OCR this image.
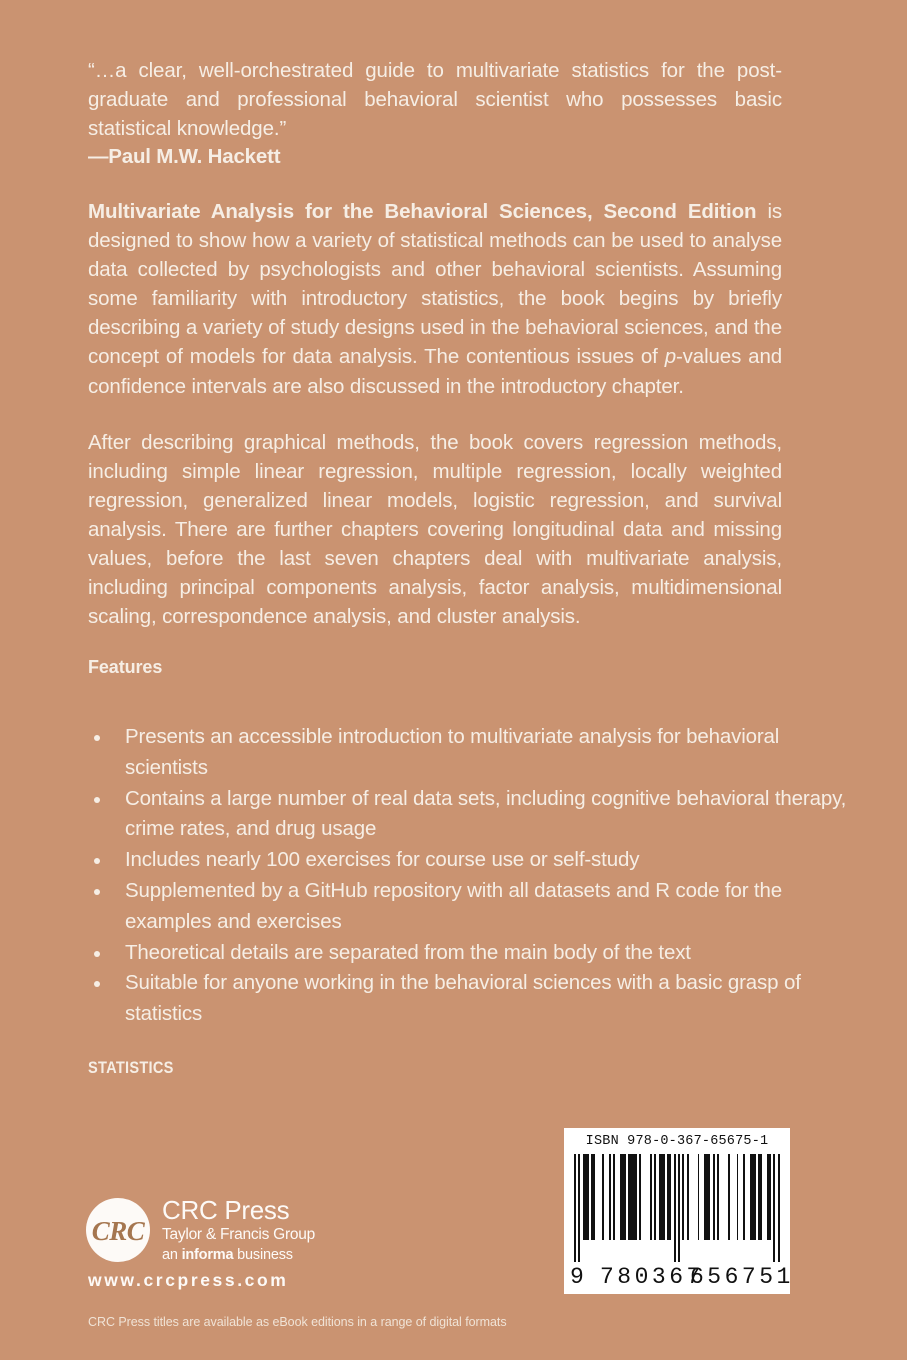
“…a clear, well-orchestrated guide to multivariate statistics for the post- graduate and professional behavioral scientist who possesses basic statistical knowledge.”

—Paul M.W. Hackett

Multivariate Analysis for the Behavioral Sciences, Second Edition is designed to show how a variety of statistical methods can be used to analyse data collected by psychologists and other behavioral scientists. Assuming some familiarity with introductory statistics, the book begins by briefly describing a variety of study designs used in the behavioral sciences, and the concept of models for data analysis. The contentious issues of p-values and confidence intervals are also discussed in the introductory chapter.

After describing graphical methods, the book covers regression methods, including simple linear regression, multiple regression, locally weighted regression, generalized linear models, logistic regression, and survival analysis. There are further chapters covering longitudinal data and missing values, before the last seven chapters deal with multivariate analysis, including principal components analysis, factor analysis, multidimensional scaling, correspondence analysis, and cluster analysis.

Features

Presents an accessible introduction to multivariate analysis for behavioral scientists
Contains a large number of real data sets, including cognitive behavioral therapy, crime rates, and drug usage
Includes nearly 100 exercises for course use or self-study
Supplemented by a GitHub repository with all datasets and R code for the examples and exercises
Theoretical details are separated from the main body of the text
Suitable for anyone working in the behavioral sciences with a basic grasp of statistics
STATISTICS
CRC
CRC Press
Taylor & Francis Group
an informa business
www.crcpress.com
CRC Press titles are available as eBook editions in a range of digital formats
ISBN 978-0-367-65675-1
9 780367
656751
